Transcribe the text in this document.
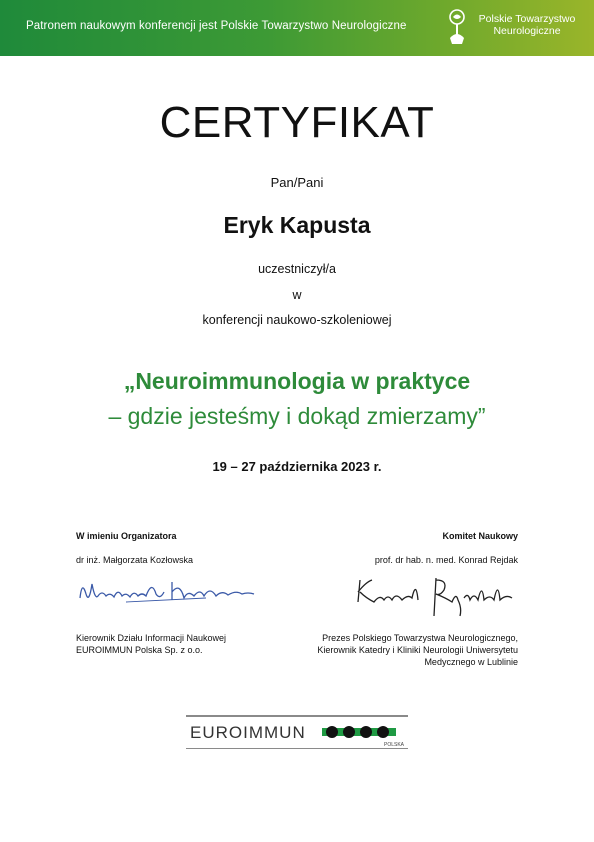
Patronem naukowym konferencji jest Polskie Towarzystwo Neurologiczne
Polskie Towarzystwo
Neurologiczne
CERTYFIKAT
Pan/Pani
Eryk Kapusta
uczestniczył/a
w
konferencji naukowo-szkoleniowej
„Neuroimmunologia w praktyce
– gdzie jesteśmy i dokąd zmierzamy”
19 – 27 października 2023 r.
W imieniu Organizatora
dr inż. Małgorzata Kozłowska
Kierownik Działu Informacji Naukowej
EUROIMMUN Polska Sp. z o.o.
Komitet Naukowy
prof. dr hab. n. med. Konrad Rejdak
Prezes Polskiego Towarzystwa Neurologicznego,
Kierownik Katedry i Kliniki Neurologii Uniwersytetu
Medycznego w Lublinie
EUROIMMUN
POLSKA
